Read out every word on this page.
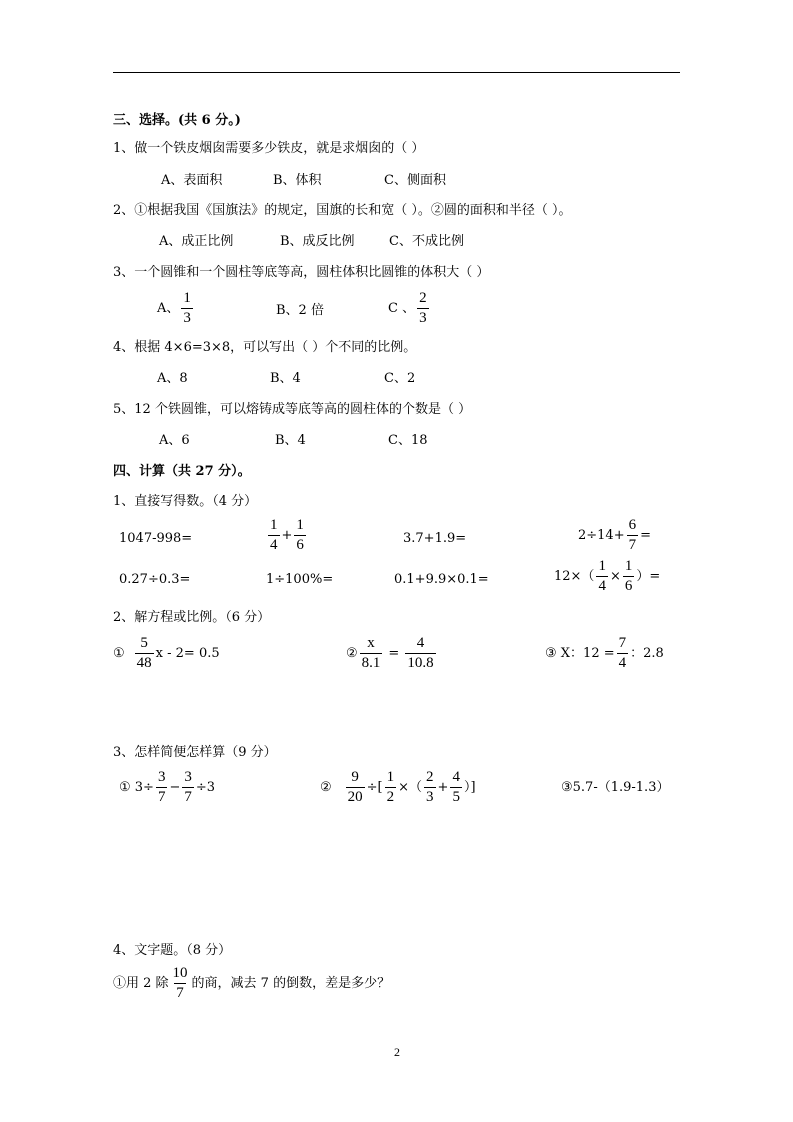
三、选择。(共 6 分。)
1、做一个铁皮烟囱需要多少铁皮，就是求烟囱的（ ）
A、表面积	B、体积	C、侧面积
2、①根据我国《国旗法》的规定，国旗的长和宽（ ）。②圆的面积和半径（ ）。
A、成正比例	B、成反比例	C、不成比例
3、一个圆锥和一个圆柱等底等高，圆柱体积比圆锥的体积大（ ）
A、 $\frac{1}{3}$	B、2 倍	C 、 $\frac{2}{3}$
4、根据 4×6=3×8，可以写出（ ）个不同的比例。
A、8	B、4	C、2
5、12 个铁圆锥，可以熔铸成等底等高的圆柱体的个数是（ ）
A、6	B、4	C、18
四、计算（共 27 分）。
1、直接写得数。（4 分）
1047-998=	$\frac{1}{4} + \frac{1}{6}$	3.7+1.9=	$2\div 14+ \frac{6}{7}$ =
0.27÷0.3=	1÷100%=	0.1+9.9×0.1=	$12\times( \frac{1}{4} \times \frac{1}{6}$ ）=
2、解方程或比例。（6 分）
① $\frac{5}{48}$ x - 2= 0.5	② $\frac{x}{8.1} = \frac{4}{10.8}$	③ X：$12 = \frac{7}{4}$ ：2.8
3、怎样简便怎样算（9 分）
① $3\div \frac{3}{7} - \frac{3}{7} \div 3$	② $\frac{9}{20}$ ÷[ $\frac{1}{2}$ ×（ $\frac{2}{3} + \frac{4}{5}$ ）]	③5.7-（1.9-1.3）
4、文字题。（8 分）
①用 2 除 $\frac{10}{7}$ 的商，减去 7 的倒数，差是多少？
2
